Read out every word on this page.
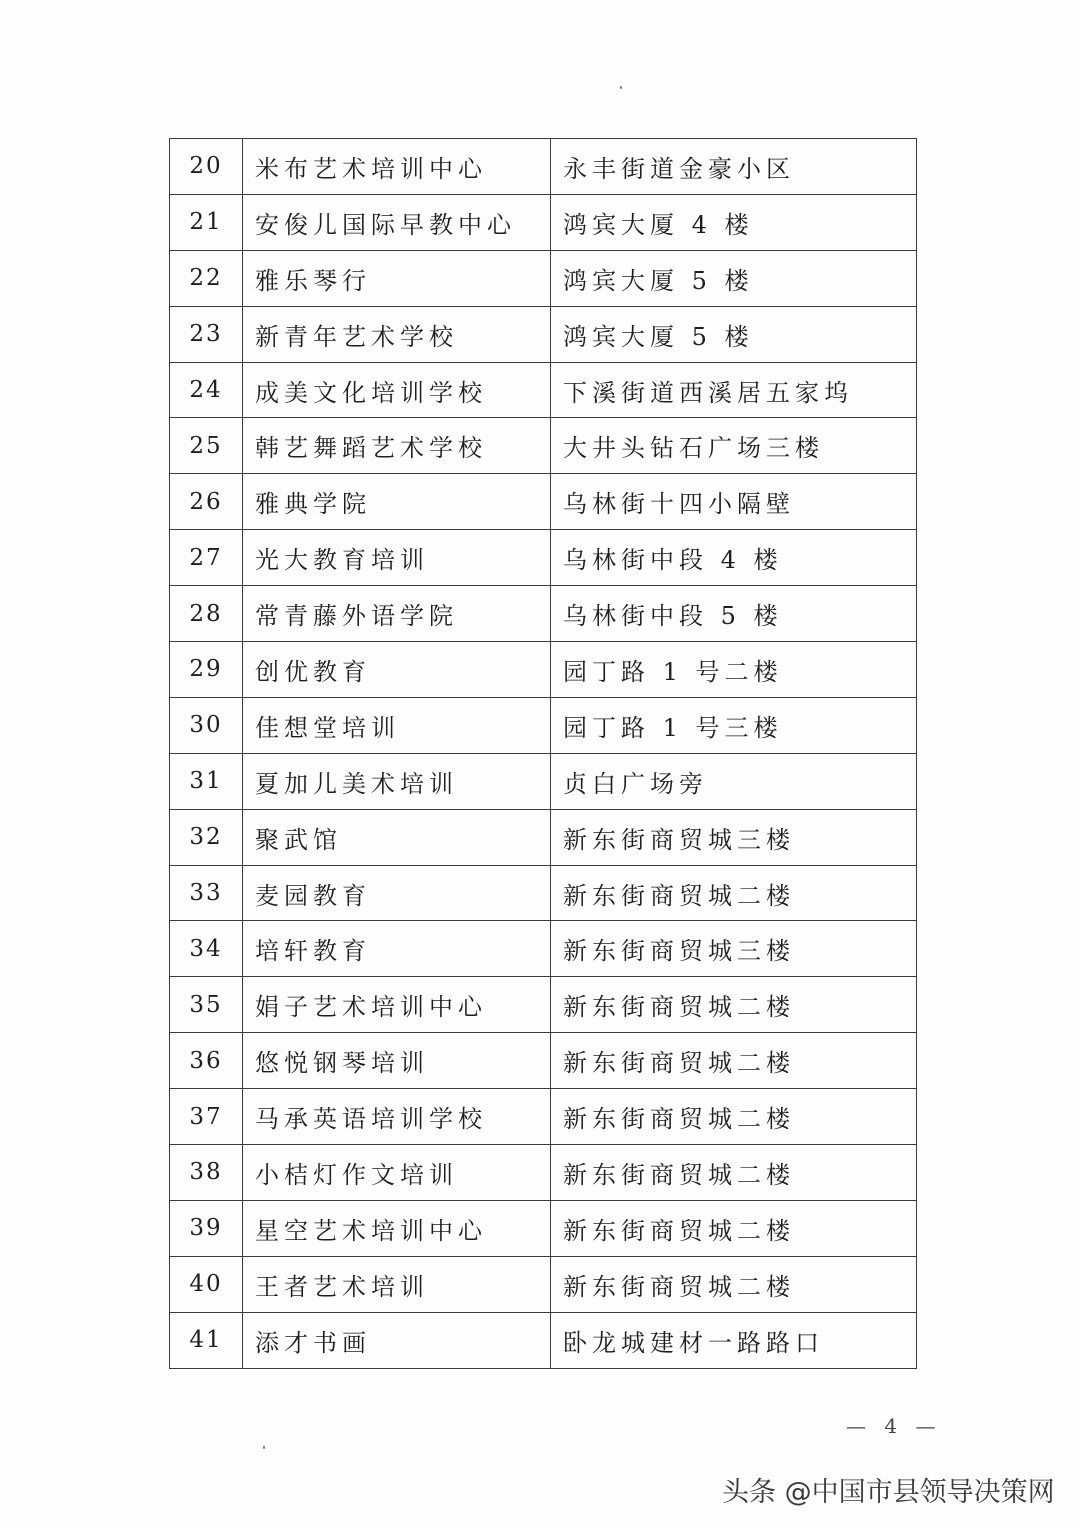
20	米布艺术培训中心	永丰街道金豪小区
21	安俊儿国际早教中心	鸿宾大厦 4 楼
22	雅乐琴行	鸿宾大厦 5 楼
23	新青年艺术学校	鸿宾大厦 5 楼
24	成美文化培训学校	下溪街道西溪居五家坞
25	韩艺舞蹈艺术学校	大井头钻石广场三楼
26	雅典学院	乌林街十四小隔壁
27	光大教育培训	乌林街中段 4 楼
28	常青藤外语学院	乌林街中段 5 楼
29	创优教育	园丁路 1 号二楼
30	佳想堂培训	园丁路 1 号三楼
31	夏加儿美术培训	贞白广场旁
32	聚武馆	新东街商贸城三楼
33	麦园教育	新东街商贸城二楼
34	培轩教育	新东街商贸城三楼
35	娟子艺术培训中心	新东街商贸城二楼
36	悠悦钢琴培训	新东街商贸城二楼
37	马承英语培训学校	新东街商贸城二楼
38	小桔灯作文培训	新东街商贸城二楼
39	星空艺术培训中心	新东街商贸城二楼
40	王者艺术培训	新东街商贸城二楼
41	添才书画	卧龙城建材一路路口
— 4 —
头条 @中国市县领导决策网
